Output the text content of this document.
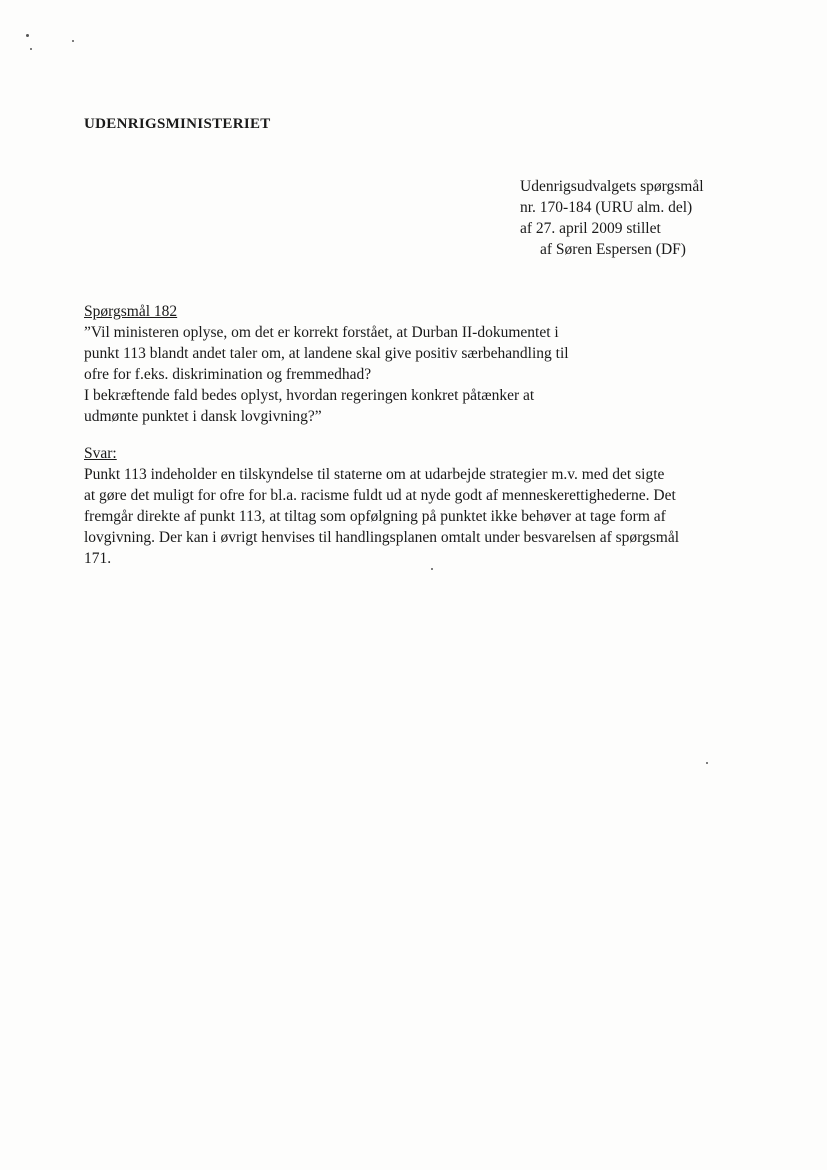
UDENRIGSMINISTERIET
Udenrigsudvalgets spørgsmål
nr. 170-184 (URU alm. del)
af 27. april 2009 stillet
af Søren Espersen (DF)
Spørgsmål 182
”Vil ministeren oplyse, om det er korrekt forstået, at Durban II-dokumentet i
punkt 113 blandt andet taler om, at landene skal give positiv særbehandling til
ofre for f.eks. diskrimination og fremmedhad?
I bekræftende fald bedes oplyst, hvordan regeringen konkret påtænker at
udmønte punktet i dansk lovgivning?”
Svar:
Punkt 113 indeholder en tilskyndelse til staterne om at udarbejde strategier m.v. med det sigte
at gøre det muligt for ofre for bl.a. racisme fuldt ud at nyde godt af menneskerettighederne. Det
fremgår direkte af punkt 113, at tiltag som opfølgning på punktet ikke behøver at tage form af
lovgivning. Der kan i øvrigt henvises til handlingsplanen omtalt under besvarelsen af spørgsmål
171.
